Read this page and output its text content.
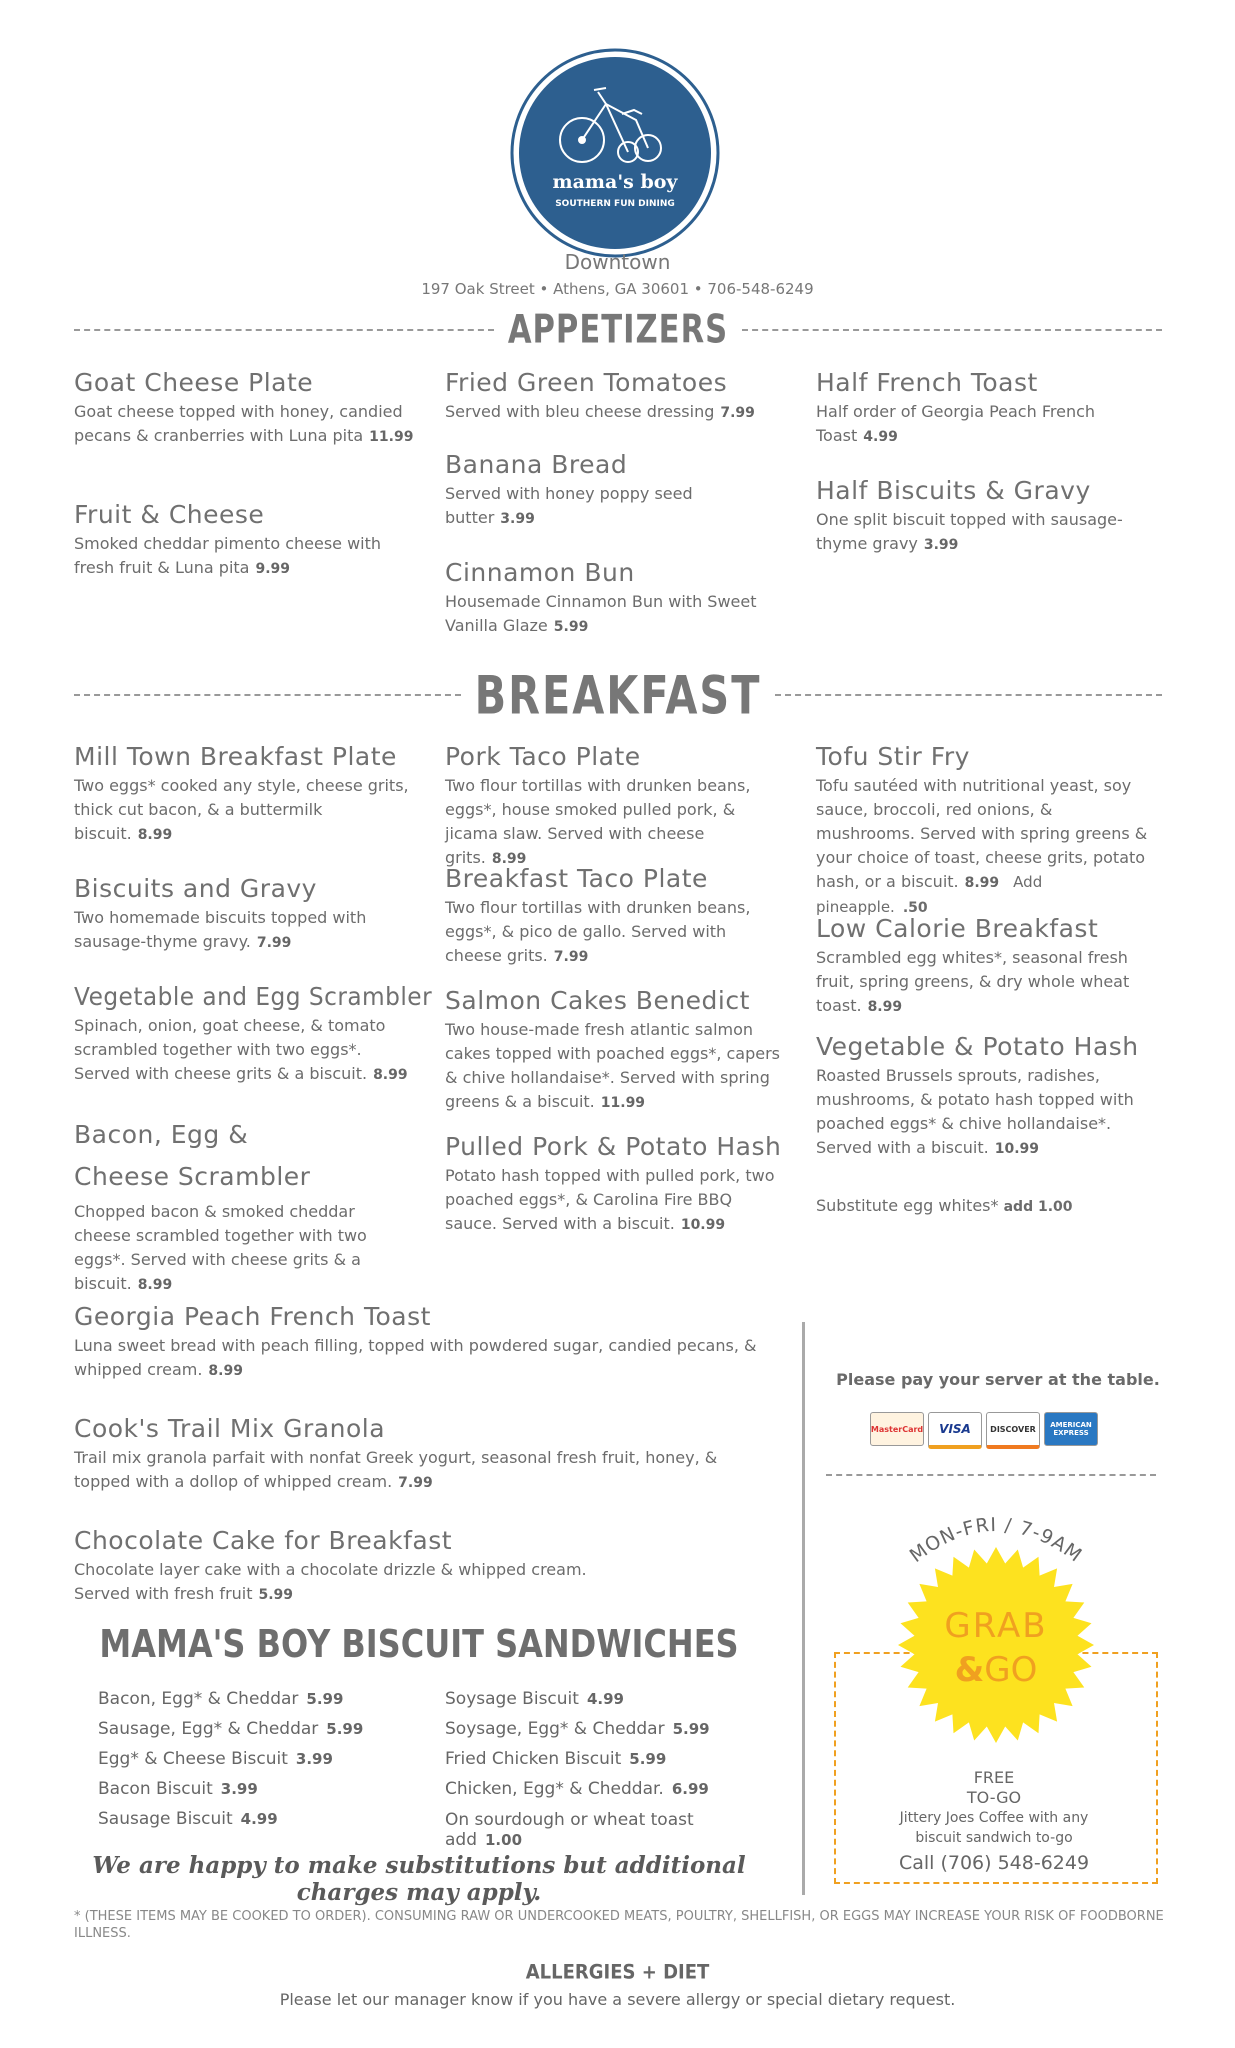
mama's boy
SOUTHERN FUN DINING
Downtown
197 Oak Street • Athens, GA 30601 • 706-548-6249
APPETIZERS
Goat Cheese Plate
Goat cheese topped with honey, candied pecans & cranberries with Luna pita 11.99
Fruit & Cheese
Smoked cheddar pimento cheese with fresh fruit & Luna pita 9.99
Fried Green Tomatoes
Served with bleu cheese dressing 7.99
Banana Bread
Served with honey poppy seed butter 3.99
Cinnamon Bun
Housemade Cinnamon Bun with Sweet Vanilla Glaze 5.99
Half French Toast
Half order of Georgia Peach French Toast 4.99
Half Biscuits & Gravy
One split biscuit topped with sausage-thyme gravy 3.99
BREAKFAST
Mill Town Breakfast Plate
Two eggs* cooked any style, cheese grits, thick cut bacon, & a buttermilk biscuit. 8.99
Biscuits and Gravy
Two homemade biscuits topped with sausage-thyme gravy. 7.99
Vegetable and Egg Scrambler
Spinach, onion, goat cheese, & tomato scrambled together with two eggs*. Served with cheese grits & a biscuit. 8.99
Bacon, Egg & Cheese Scrambler
Chopped bacon & smoked cheddar cheese scrambled together with two eggs*. Served with cheese grits & a biscuit. 8.99
Pork Taco Plate
Two flour tortillas with drunken beans, eggs*, house smoked pulled pork, & jicama slaw. Served with cheese grits. 8.99
Breakfast Taco Plate
Two flour tortillas with drunken beans, eggs*, & pico de gallo. Served with cheese grits. 7.99
Salmon Cakes Benedict
Two house-made fresh atlantic salmon cakes topped with poached eggs*, capers & chive hollandaise*. Served with spring greens & a biscuit. 11.99
Pulled Pork & Potato Hash
Potato hash topped with pulled pork, two poached eggs*, & Carolina Fire BBQ sauce. Served with a biscuit. 10.99
Tofu Stir Fry
Tofu sautéed with nutritional yeast, soy sauce, broccoli, red onions, & mushrooms. Served with spring greens & your choice of toast, cheese grits, potato hash, or a biscuit. 8.99 Add pineapple. .50
Low Calorie Breakfast
Scrambled egg whites*, seasonal fresh fruit, spring greens, & dry whole wheat toast. 8.99
Vegetable & Potato Hash
Roasted Brussels sprouts, radishes, mushrooms, & potato hash topped with poached eggs* & chive hollandaise*. Served with a biscuit. 10.99
Substitute egg whites* add 1.00
Georgia Peach French Toast
Luna sweet bread with peach filling, topped with powdered sugar, candied pecans, & whipped cream. 8.99
Cook's Trail Mix Granola
Trail mix granola parfait with nonfat Greek yogurt, seasonal fresh fruit, honey, & topped with a dollop of whipped cream. 7.99
Chocolate Cake for Breakfast
Chocolate layer cake with a chocolate drizzle & whipped cream. Served with fresh fruit 5.99
MAMA'S BOY BISCUIT SANDWICHES
Bacon, Egg* & Cheddar 5.99
Sausage, Egg* & Cheddar 5.99
Egg* & Cheese Biscuit 3.99
Bacon Biscuit 3.99
Sausage Biscuit 4.99
Soysage Biscuit 4.99
Soysage, Egg* & Cheddar 5.99
Fried Chicken Biscuit 5.99
Chicken, Egg* & Cheddar. 6.99
On sourdough or wheat toast
add 1.00
We are happy to make substitutions but additional charges may apply.
Please pay your server at the table.
MasterCard VISA DISCOVER	AMERICAN EXPRESS
MON-FRI / 7-9AM
GRAB
&GO
FREE
TO-GO
Jittery Joes Coffee with any
biscuit sandwich to-go
Call (706) 548-6249
* (THESE ITEMS MAY BE COOKED TO ORDER). CONSUMING RAW OR UNDERCOOKED MEATS, POULTRY, SHELLFISH, OR EGGS MAY INCREASE YOUR RISK OF FOODBORNE ILLNESS.
ALLERGIES + DIET
Please let our manager know if you have a severe allergy or special dietary request.
